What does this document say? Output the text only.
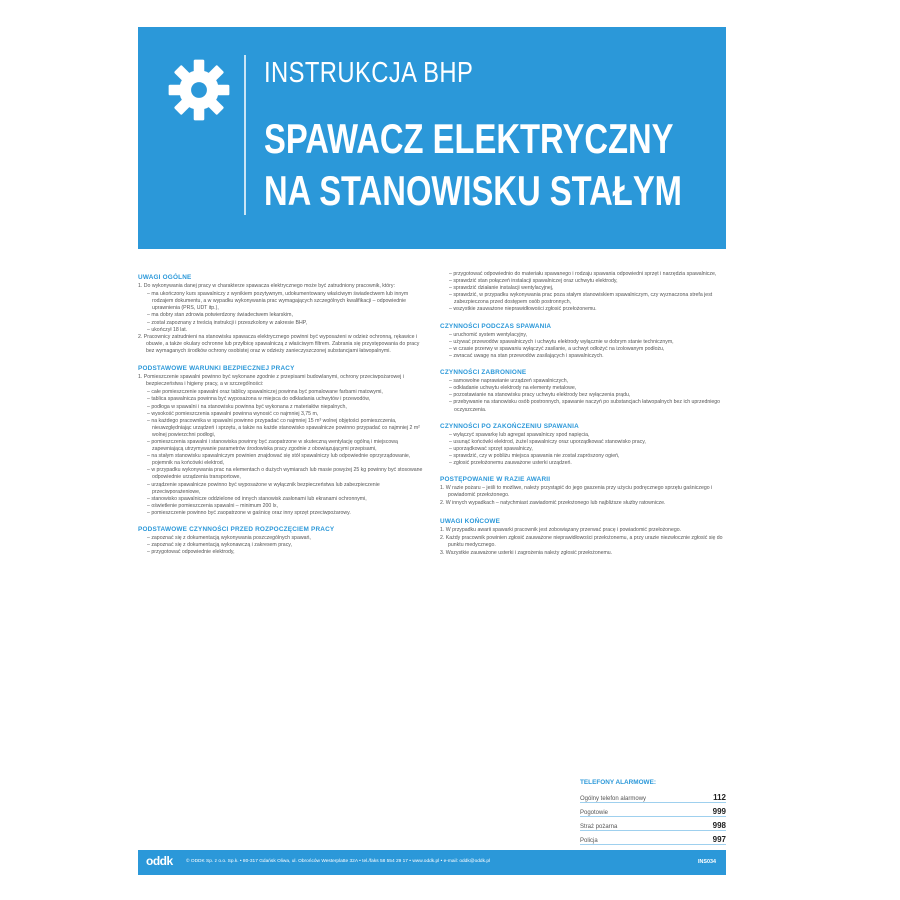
INSTRUKCJA BHP
SPAWACZ ELEKTRYCZNY
NA STANOWISKU STAŁYM
UWAGI OGÓLNE
1. Do wykonywania danej pracy w charakterze spawacza elektrycznego może być zatrudniony pracownik, który:
– ma ukończony kurs spawalniczy z wynikiem pozytywnym, udokumentowany właściwym świadectwem lub innym rodzajem dokumentu, a w wypadku wykonywania prac wymagających szczególnych kwalifikacji – odpowiednie uprawnienia (PRS, UDT itp.),
– ma dobry stan zdrowia potwierdzony świadectwem lekarskim,
– został zapoznany z treścią instrukcji i przeszkolony w zakresie BHP,
– ukończył 18 lat.
2. Pracownicy zatrudnieni na stanowisku spawacza elektrycznego powinni być wyposażeni w odzież ochronną, rękawice i obuwie, a także okulary ochronne lub przyłbicę spawalniczą z właściwym filtrem. Zabrania się przystępowania do pracy bez wymaganych środków ochrony osobistej oraz w odzieży zanieczyszczonej substancjami łatwopalnymi.
PODSTAWOWE WARUNKI BEZPIECZNEJ PRACY
1. Pomieszczenie spawalni powinno być wykonane zgodnie z przepisami budowlanymi, ochrony przeciwpożarowej i bezpieczeństwa i higieny pracy, a w szczególności:
– całe pomieszczenie spawalni oraz tablicy spawalniczej powinna być pomalowane farbami matowymi,
– tablica spawalnicza powinna być wyposażona w miejsca do odkładania uchwytów i przewodów,
– podłoga w spawalni i na stanowisku powinna być wykonana z materiałów niepalnych,
– wysokość pomieszczenia spawalni powinna wynosić co najmniej 3,75 m,
– na każdego pracownika w spawalni powinno przypadać co najmniej 15 m³ wolnej objętości pomieszczenia, nieuwzględniając urządzeń i sprzętu, a także na każde stanowisko spawalnicze powinno przypadać co najmniej 2 m² wolnej powierzchni podłogi,
– pomieszczenia spawalni i stanowiska powinny być zaopatrzone w skuteczną wentylację ogólną i miejscową zapewniającą utrzymywanie parametrów środowiska pracy zgodnie z obowiązującymi przepisami,
– na stałym stanowisku spawalniczym powinien znajdować się stół spawalniczy lub odpowiednie oprzyrządowanie, pojemnik na końcówki elektrod,
– w przypadku wykonywania prac na elementach o dużych wymiarach lub masie powyżej 25 kg powinny być stosowane odpowiednie urządzenia transportowe,
– urządzenie spawalnicze powinno być wyposażone w wyłącznik bezpieczeństwa lub zabezpieczenie przeciwporażeniowe,
– stanowisko spawalnicze oddzielone od innych stanowisk zasłonami lub ekranami ochronnymi,
– oświetlenie pomieszczenia spawalni – minimum 200 lx,
– pomieszczenie powinno być zaopatrzone w gaśnicę oraz inny sprzęt przeciwpożarowy.
PODSTAWOWE CZYNNOŚCI PRZED ROZPOCZĘCIEM PRACY
– zapoznać się z dokumentacją wykonywania poszczególnych spawań,
– zapoznać się z dokumentacją wykonawczą i zakresem pracy,
– przygotować odpowiednie elektrody,
– przygotować odpowiednio do materiału spawanego i rodzaju spawania odpowiedni sprzęt i narzędzia spawalnicze,
– sprawdzić stan połączeń instalacji spawalniczej oraz uchwytu elektrody,
– sprawdzić działanie instalacji wentylacyjnej,
– sprawdzić, w przypadku wykonywania prac poza stałym stanowiskiem spawalniczym, czy wyznaczona strefa jest zabezpieczona przed dostępem osób postronnych,
– wszystkie zauważone nieprawidłowości zgłosić przełożonemu.
CZYNNOŚCI PODCZAS SPAWANIA
– uruchomić system wentylacyjny,
– używać przewodów spawalniczych i uchwytu elektrody wyłącznie w dobrym stanie technicznym,
– w czasie przerwy w spawaniu wyłączyć zasilanie, a uchwyt odłożyć na izolowanym podłożu,
– zwracać uwagę na stan przewodów zasilających i spawalniczych.
CZYNNOŚCI ZABRONIONE
– samowolne naprawianie urządzeń spawalniczych,
– odkładanie uchwytu elektrody na elementy metalowe,
– pozostawianie na stanowisku pracy uchwytu elektrody bez wyłączenia prądu,
– przebywanie na stanowisku osób postronnych, spawanie naczyń po substancjach łatwopalnych bez ich uprzedniego oczyszczenia.
CZYNNOŚCI PO ZAKOŃCZENIU SPAWANIA
– wyłączyć spawarkę lub agregat spawalniczy spod napięcia,
– usunąć końcówki elektrod, żużel spawalniczy oraz uporządkować stanowisko pracy,
– uporządkować sprzęt spawalniczy,
– sprawdzić, czy w pobliżu miejsca spawania nie został zaprószony ogień,
– zgłosić przełożonemu zauważone usterki urządzeń.
POSTĘPOWANIE W RAZIE AWARII
1. W razie pożaru – jeśli to możliwe, należy przystąpić do jego gaszenia przy użyciu podręcznego sprzętu gaśniczego i powiadomić przełożonego.
2. W innych wypadkach – natychmiast zawiadomić przełożonego lub najbliższe służby ratownicze.
UWAGI KOŃCOWE
1. W przypadku awarii spawarki pracownik jest zobowiązany przerwać pracę i powiadomić przełożonego.
2. Każdy pracownik powinien zgłosić zauważone nieprawidłowości przełożonemu, a przy urazie niezwłocznie zgłosić się do punktu medycznego.
3. Wszystkie zauważone usterki i zagrożenia należy zgłosić przełożonemu.
TELEFONY ALARMOWE:
Ogólny telefon alarmowy	112
Pogotowie	999
Straż pożarna	998
Policja	997
oddk	© ODDK Sp. z o.o. Sp.k. • 80-317 Gdańsk Oliwa, ul. Obrońców Westerplatte 32A • tel./faks 58 554 29 17 • www.oddk.pl • e-mail: oddk@oddk.pl	INS034
